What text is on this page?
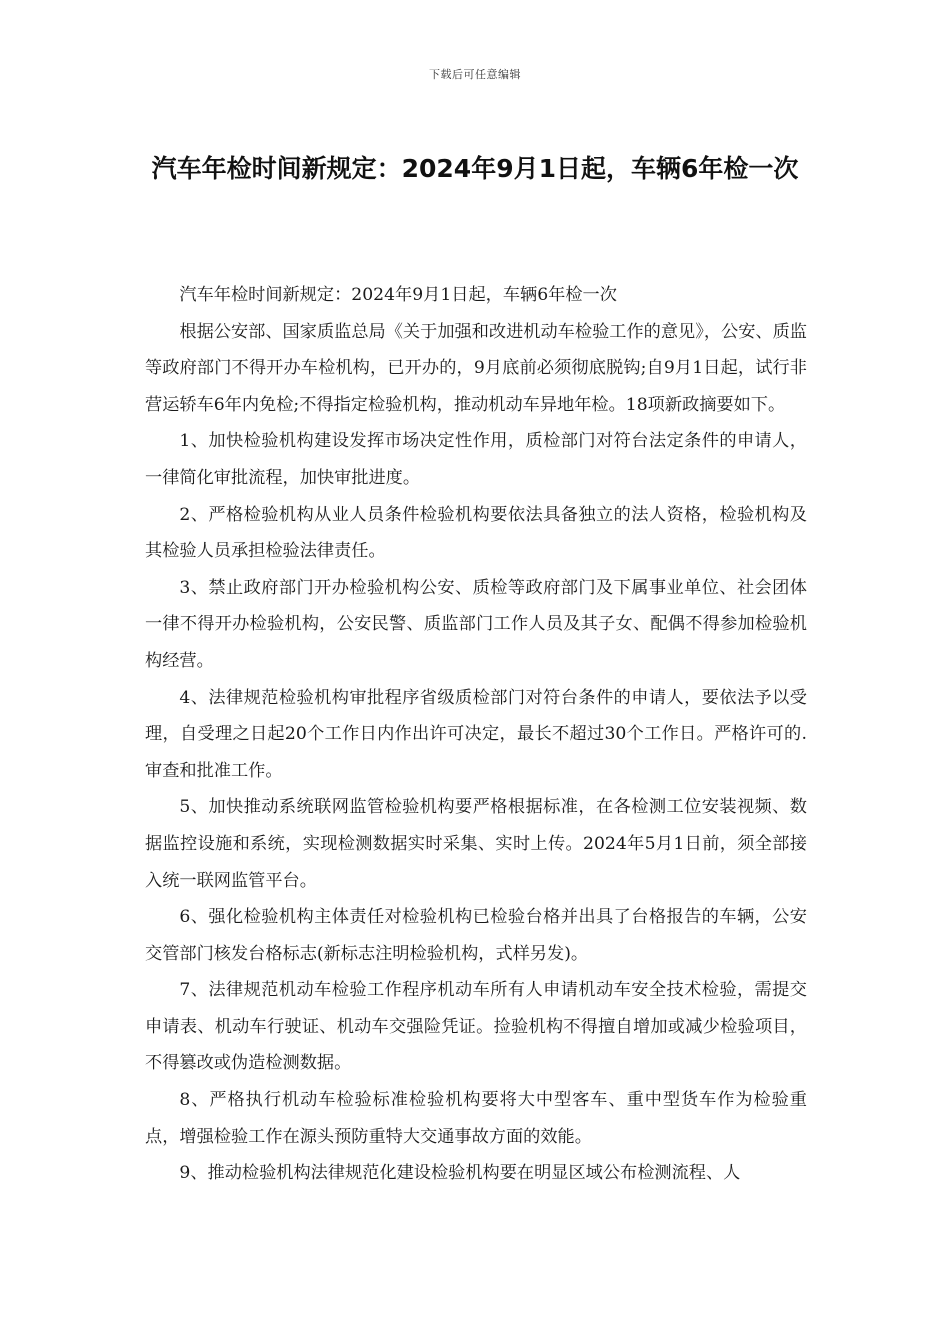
下载后可任意编辑
汽车年检时间新规定：2024年9月1日起，车辆6年检一次

汽车年检时间新规定：2024年9月1日起，车辆6年检一次

根据公安部、国家质监总局《关于加强和改进机动车检验工作的意见》，公安、质监等政府部门不得开办车检机构，已开办的，9月底前必须彻底脱钩;自9月1日起，试行非营运轿车6年内免检;不得指定检验机构，推动机动车异地年检。18项新政摘要如下。

1、加快检验机构建设发挥市场决定性作用，质检部门对符台法定条件的申请人，一律简化审批流程，加快审批进度。

2、严格检验机构从业人员条件检验机构要依法具备独立的法人资格，检验机构及其检验人员承担检验法律责任。

3、禁止政府部门开办检验机构公安、质检等政府部门及下属事业单位、社会团体一律不得开办检验机构，公安民警、质监部门工作人员及其子女、配偶不得参加检验机构经营。

4、法律规范检验机构审批程序省级质检部门对符台条件的申请人，要依法予以受理，自受理之日起20个工作日内作出许可决定，最长不超过30个工作日。严格许可的.审查和批准工作。

5、加快推动系统联网监管检验机构要严格根据标准，在各检测工位安装视频、数据监控设施和系统，实现检测数据实时采集、实时上传。2024年5月1日前，须全部接入统一联网监管平台。

6、强化检验机构主体责任对检验机构已检验台格并出具了台格报告的车辆，公安交管部门核发台格标志(新标志注明检验机构，式样另发)。

7、法律规范机动车检验工作程序机动车所有人申请机动车安全技术检验，需提交申请表、机动车行驶证、机动车交强险凭证。捡验机构不得擅自增加或减少检验项目，不得篡改或伪造检测数据。

8、严格执行机动车检验标准检验机构要将大中型客车、重中型货车作为检验重点，增强检验工作在源头预防重特大交通事故方面的效能。

9、推动检验机构法律规范化建设检验机构要在明显区域公布检测流程、人
